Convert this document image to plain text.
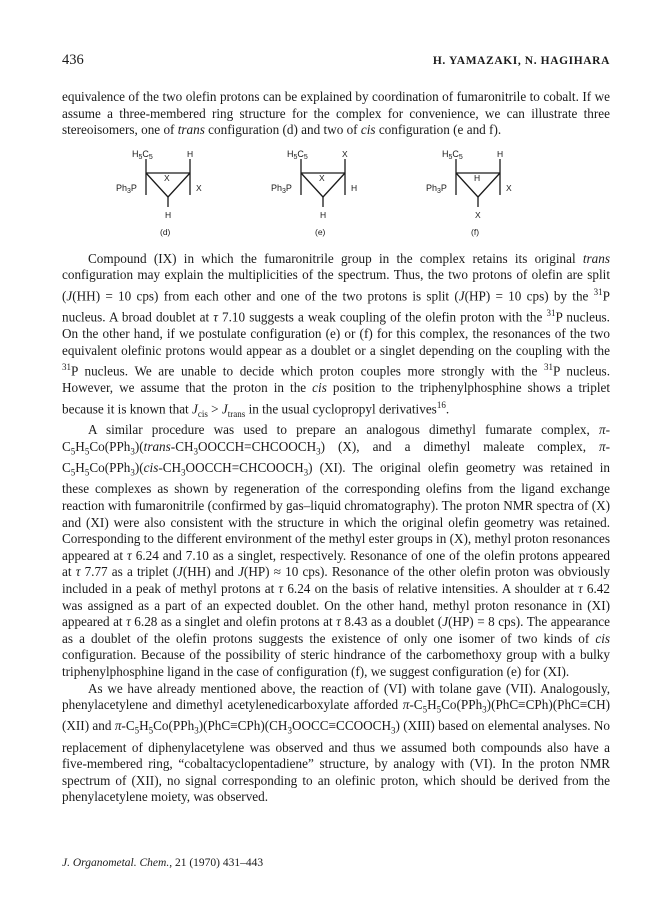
436	H. YAMAZAKI, N. HAGIHARA

equivalence of the two olefin protons can be explained by coordination of fumaronitrile to cobalt. If we assume a three-membered ring structure for the complex for convenience, we can illustrate three stereoisomers, one of trans configuration (d) and two of cis configuration (e and f).

$H_5C_5$	H
X
$Ph_3P$	X
H
(d)
$H_5C_5$	X
X
$Ph_3P$	H
H
(e)
$H_5C_5$	H
H
$Ph_3P$	X
X
(f)

Compound (IX) in which the fumaronitrile group in the complex retains its original trans configuration may explain the multiplicities of the spectrum. Thus, the two protons of olefin are split (J(HH) = 10 cps) from each other and one of the two protons is split (J(HP) = 10 cps) by the $^{31}$P nucleus. A broad doublet at τ 7.10 suggests a weak coupling of the olefin proton with the $^{31}$P nucleus. On the other hand, if we postulate configuration (e) or (f) for this complex, the resonances of the two equivalent olefinic protons would appear as a doublet or a singlet depending on the coupling with the $^{31}$P nucleus. We are unable to decide which proton couples more strongly with the $^{31}$P nucleus. However, we assume that the proton in the cis position to the triphenylphosphine shows a triplet because it is known that $J_{cis} > J_{trans}$ in the usual cyclopropyl derivatives$^{16}$.

A similar procedure was used to prepare an analogous dimethyl fumarate complex, $\pi-C_5H_5Co(PPh_3)(trans-CH_3OOCCH=CHCOOCH_3)$ (X), and a dimethyl maleate complex, $\pi-C_5H_5Co(PPh_3)(cis-CH_3OOCCH=CHCOOCH_3)$ (XI). The original olefin geometry was retained in these complexes as shown by regeneration of the corresponding olefins from the ligand exchange reaction with fumaronitrile (confirmed by gas–liquid chromatography). The proton NMR spectra of (X) and (XI) were also consistent with the structure in which the original olefin geometry was retained. Corresponding to the different environment of the methyl ester groups in (X), methyl proton resonances appeared at τ 6.24 and 7.10 as a singlet, respectively. Resonance of one of the olefin protons appeared at τ 7.77 as a triplet (J(HH) and J(HP) ≈ 10 cps). Resonance of the other olefin proton was obviously included in a peak of methyl protons at τ 6.24 on the basis of relative intensities. A shoulder at τ 6.42 was assigned as a part of an expected doublet. On the other hand, methyl proton resonance in (XI) appeared at τ 6.28 as a singlet and olefin protons at τ 8.43 as a doublet (J(HP) = 8 cps). The appearance as a doublet of the olefin protons suggests the existence of only one isomer of two kinds of cis configuration. Because of the possibility of steric hindrance of the carbomethoxy group with a bulky triphenylphosphine ligand in the case of configuration (f), we suggest configuration (e) for (XI).

As we have already mentioned above, the reaction of (VI) with tolane gave (VII). Analogously, phenylacetylene and dimethyl acetylenedicarboxylate afforded $\pi-C_5H_5Co(PPh_3)(PhC\equiv CPh)(PhC\equiv CH)$ (XII) and $\pi-C_5H_5Co(PPh_3)(PhC\equiv CPh)(CH_3OOCC\equiv CCOOCH_3)$ (XIII) based on elemental analyses. No replacement of diphenylacetylene was observed and thus we assumed both compounds also have a five-membered ring, “cobaltacyclopentadiene” structure, by analogy with (VI). In the proton NMR spectrum of (XII), no signal corresponding to an olefinic proton, which should be derived from the phenylacetylene moiety, was observed.

J. Organometal. Chem., 21 (1970) 431–443
